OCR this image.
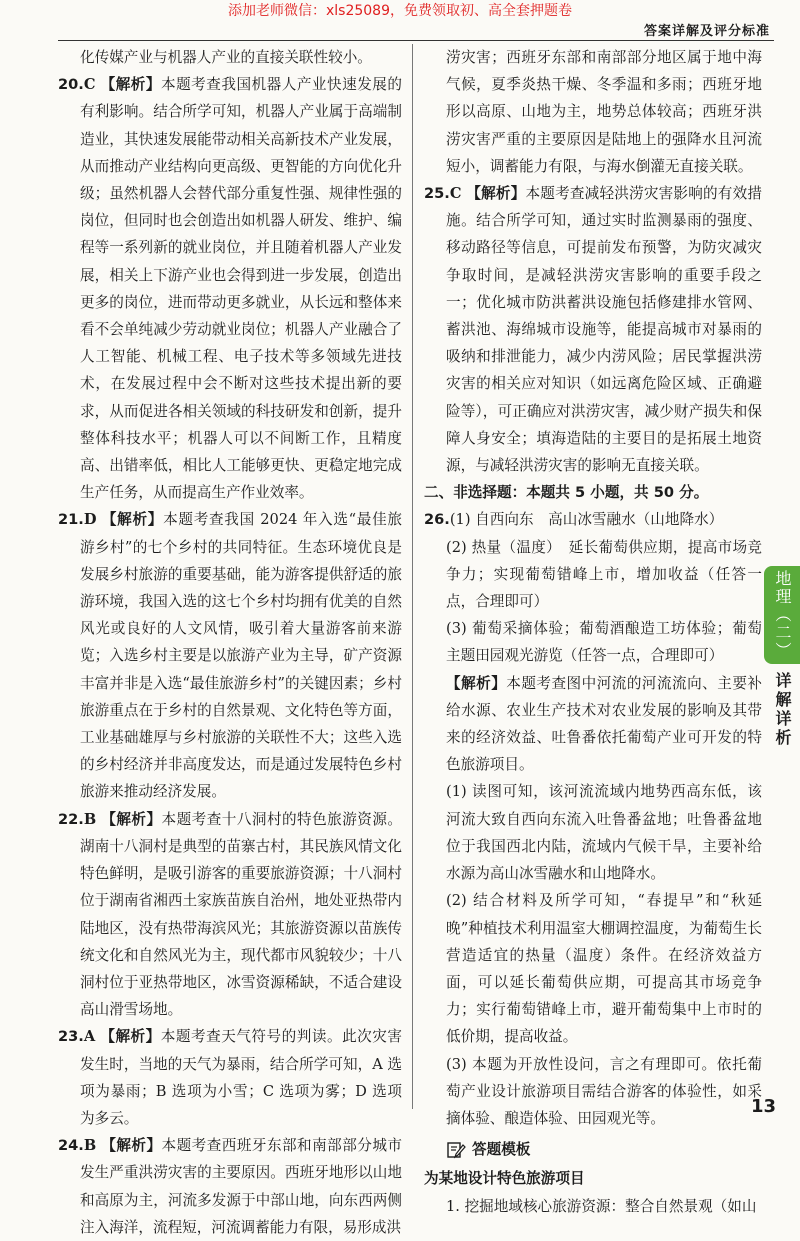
添加老师微信：xls25089，免费领取初、高全套押题卷
答案详解及评分标准

化传媒产业与机器人产业的直接关联性较小。

20.C 【解析】本题考查我国机器人产业快速发展的有利影响。结合所学可知，机器人产业属于高端制造业，其快速发展能带动相关高新技术产业发展，从而推动产业结构向更高级、更智能的方向优化升级；虽然机器人会替代部分重复性强、规律性强的岗位，但同时也会创造出如机器人研发、维护、编程等一系列新的就业岗位，并且随着机器人产业发展，相关上下游产业也会得到进一步发展，创造出更多的岗位，进而带动更多就业，从长远和整体来看不会单纯减少劳动就业岗位；机器人产业融合了人工智能、机械工程、电子技术等多领域先进技术，在发展过程中会不断对这些技术提出新的要求，从而促进各相关领域的科技研发和创新，提升整体科技水平；机器人可以不间断工作，且精度高、出错率低，相比人工能够更快、更稳定地完成生产任务，从而提高生产作业效率。

21.D 【解析】本题考查我国 2024 年入选“最佳旅游乡村”的七个乡村的共同特征。生态环境优良是发展乡村旅游的重要基础，能为游客提供舒适的旅游环境，我国入选的这七个乡村均拥有优美的自然风光或良好的人文风情，吸引着大量游客前来游览；入选乡村主要是以旅游产业为主导，矿产资源丰富并非是入选“最佳旅游乡村”的关键因素；乡村旅游重点在于乡村的自然景观、文化特色等方面，工业基础雄厚与乡村旅游的关联性不大；这些入选的乡村经济并非高度发达，而是通过发展特色乡村旅游来推动经济发展。

22.B 【解析】本题考查十八洞村的特色旅游资源。湖南十八洞村是典型的苗寨古村，其民族风情文化特色鲜明，是吸引游客的重要旅游资源；十八洞村位于湖南省湘西土家族苗族自治州，地处亚热带内陆地区，没有热带海滨风光；其旅游资源以苗族传统文化和自然风光为主，现代都市风貌较少；十八洞村位于亚热带地区，冰雪资源稀缺，不适合建设高山滑雪场地。

23.A 【解析】本题考查天气符号的判读。此次灾害发生时，当地的天气为暴雨，结合所学可知，A 选项为暴雨；B 选项为小雪；C 选项为雾；D 选项为多云。

24.B 【解析】本题考查西班牙东部和南部部分城市发生严重洪涝灾害的主要原因。西班牙地形以山地和高原为主，河流多发源于中部山地，向东西两侧注入海洋，流程短，河流调蓄能力有限，易形成洪

涝灾害；西班牙东部和南部部分地区属于地中海气候，夏季炎热干燥、冬季温和多雨；西班牙地形以高原、山地为主，地势总体较高；西班牙洪涝灾害严重的主要原因是陆地上的强降水且河流短小，调蓄能力有限，与海水倒灌无直接关联。

25.C 【解析】本题考查减轻洪涝灾害影响的有效措施。结合所学可知，通过实时监测暴雨的强度、移动路径等信息，可提前发布预警，为防灾减灾争取时间，是减轻洪涝灾害影响的重要手段之一；优化城市防洪蓄洪设施包括修建排水管网、蓄洪池、海绵城市设施等，能提高城市对暴雨的吸纳和排泄能力，减少内涝风险；居民掌握洪涝灾害的相关应对知识（如远离危险区域、正确避险等），可正确应对洪涝灾害，减少财产损失和保障人身安全；填海造陆的主要目的是拓展土地资源，与减轻洪涝灾害的影响无直接关联。

二、非选择题：本题共 5 小题，共 50 分。

26.(1) 自西向东　高山冰雪融水（山地降水）

(2) 热量（温度）　延长葡萄供应期，提高市场竞争力；实现葡萄错峰上市，增加收益（任答一点，合理即可）

(3) 葡萄采摘体验；葡萄酒酿造工坊体验；葡萄主题田园观光游览（任答一点，合理即可）

【解析】本题考查图中河流的河流流向、主要补给水源、农业生产技术对农业发展的影响及其带来的经济效益、吐鲁番依托葡萄产业可开发的特色旅游项目。

(1) 读图可知，该河流流域内地势西高东低，该河流大致自西向东流入吐鲁番盆地；吐鲁番盆地位于我国西北内陆，流域内气候干旱，主要补给水源为高山冰雪融水和山地降水。

(2) 结合材料及所学可知，“春提早”和“秋延晚”种植技术利用温室大棚调控温度，为葡萄生长营造适宜的热量（温度）条件。在经济效益方面，可以延长葡萄供应期，可提高其市场竞争力；实行葡萄错峰上市，避开葡萄集中上市时的低价期，提高收益。

(3) 本题为开放性设问，言之有理即可。依托葡萄产业设计旅游项目需结合游客的体验性，如采摘体验、酿造体验、田园观光等。

答题模板

为某地设计特色旅游项目

1. 挖掘地域核心旅游资源：整合自然景观（如山

地理（二）
详解详析
13
